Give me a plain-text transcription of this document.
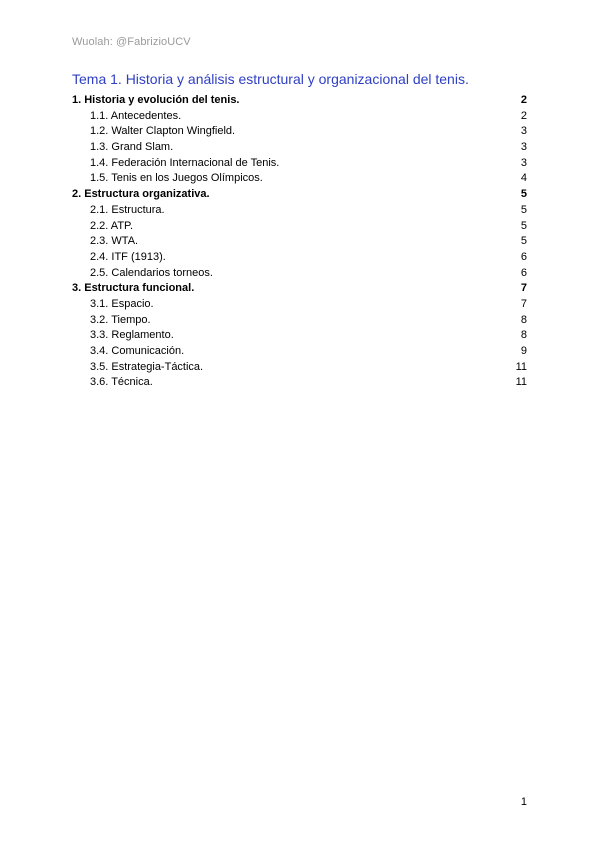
Wuolah: @FabrizioUCV
Tema 1. Historia y análisis estructural y organizacional del tenis.
1. Historia y evolución del tenis.	2
1.1. Antecedentes.	2
1.2. Walter Clapton Wingfield.	3
1.3. Grand Slam.	3
1.4. Federación Internacional de Tenis.	3
1.5. Tenis en los Juegos Olímpicos.	4
2. Estructura organizativa.	5
2.1. Estructura.	5
2.2. ATP.	5
2.3. WTA.	5
2.4. ITF (1913).	6
2.5. Calendarios torneos.	6
3. Estructura funcional.	7
3.1. Espacio.	7
3.2. Tiempo.	8
3.3. Reglamento.	8
3.4. Comunicación.	9
3.5. Estrategia-Táctica.	11
3.6. Técnica.	11
1
